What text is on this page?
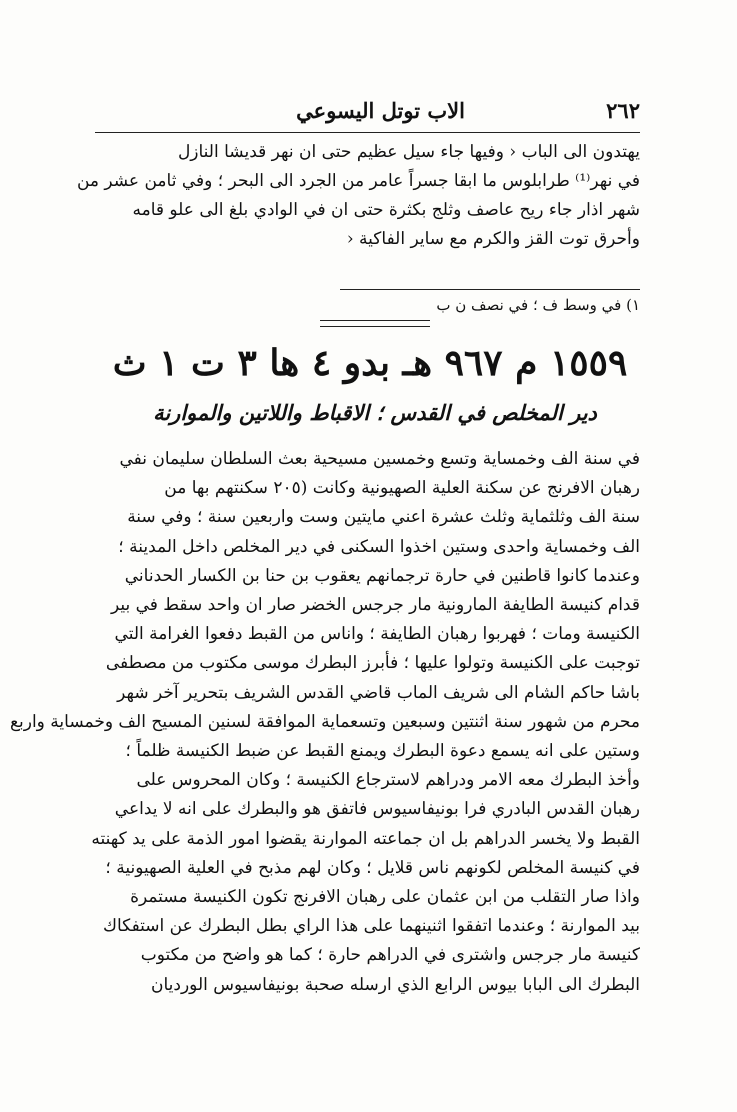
الاب توتل اليسوعي	٢٦٢
يهتدون الى الباب ‹ وفيها جاء سيل عظيم حتى ان نهر قديشا النازل
في نهر⁽¹⁾ طرابلوس ما ابقا جسراً عامر من الجرد الى البحر ؛ وفي ثامن عشر من
شهر اذار جاء ريح عاصف وثلج بكثرة حتى ان في الوادي بلغ الى علو قامه
وأحرق توت القز والكرم مع ساير الفاكية ‹
١) في وسط ف ؛ في نصف ن ب
١٥٥٩ م ٩٦٧ هـ بدو ٤ ها ٣ ت ١ ث
دير المخلص في القدس ؛ الاقباط واللاتين والموارنة
في سنة الف وخمساية وتسع وخمسين مسيحية بعث السلطان سليمان نفي
رهبان الافرنج عن سكنة العلية الصهيونية وكانت (٢٠٥ سكنتهم بها من
سنة الف وثلثماية وثلث عشرة اعني مايتين وست واربعين سنة ؛ وفي سنة
الف وخمساية واحدى وستين اخذوا السكنى في دير المخلص داخل المدينة ؛
وعندما كانوا قاطنين في حارة ترجمانهم يعقوب بن حنا بن الكسار الحدناني
قدام كنيسة الطايفة المارونية مار جرجس الخضر صار ان واحد سقط في بير
الكنيسة ومات ؛ فهربوا رهبان الطايفة ؛ واناس من القبط دفعوا الغرامة التي
توجبت على الكنيسة وتولوا عليها ؛ فأبرز البطرك موسى مكتوب من مصطفى
باشا حاكم الشام الى شريف الماب قاضي القدس الشريف بتحرير آخر شهر
محرم من شهور سنة اثنتين وسبعين وتسعماية الموافقة لسنين المسيح الف وخمساية واربع
وستين على انه يسمع دعوة البطرك ويمنع القبط عن ضبط الكنيسة ظلماً ؛
وأخذ البطرك معه الامر ودراهم لاسترجاع الكنيسة ؛ وكان المحروس على
رهبان القدس البادري فرا بونيفاسيوس فاتفق هو والبطرك على انه لا يداعي
القبط ولا يخسر الدراهم بل ان جماعته الموارنة يقضوا امور الذمة على يد كهنته
في كنيسة المخلص لكونهم ناس قلايل ؛ وكان لهم مذبح في العلية الصهيونية ؛
واذا صار التقلب من ابن عثمان على رهبان الافرنج تكون الكنيسة مستمرة
بيد الموارنة ؛ وعندما اتفقوا اثنينهما على هذا الراي بطل البطرك عن استفكاك
كنيسة مار جرجس واشترى في الدراهم حارة ؛ كما هو واضح من مكتوب
البطرك الى البابا بيوس الرابع الذي ارسله صحبة بونيفاسيوس الورديان
